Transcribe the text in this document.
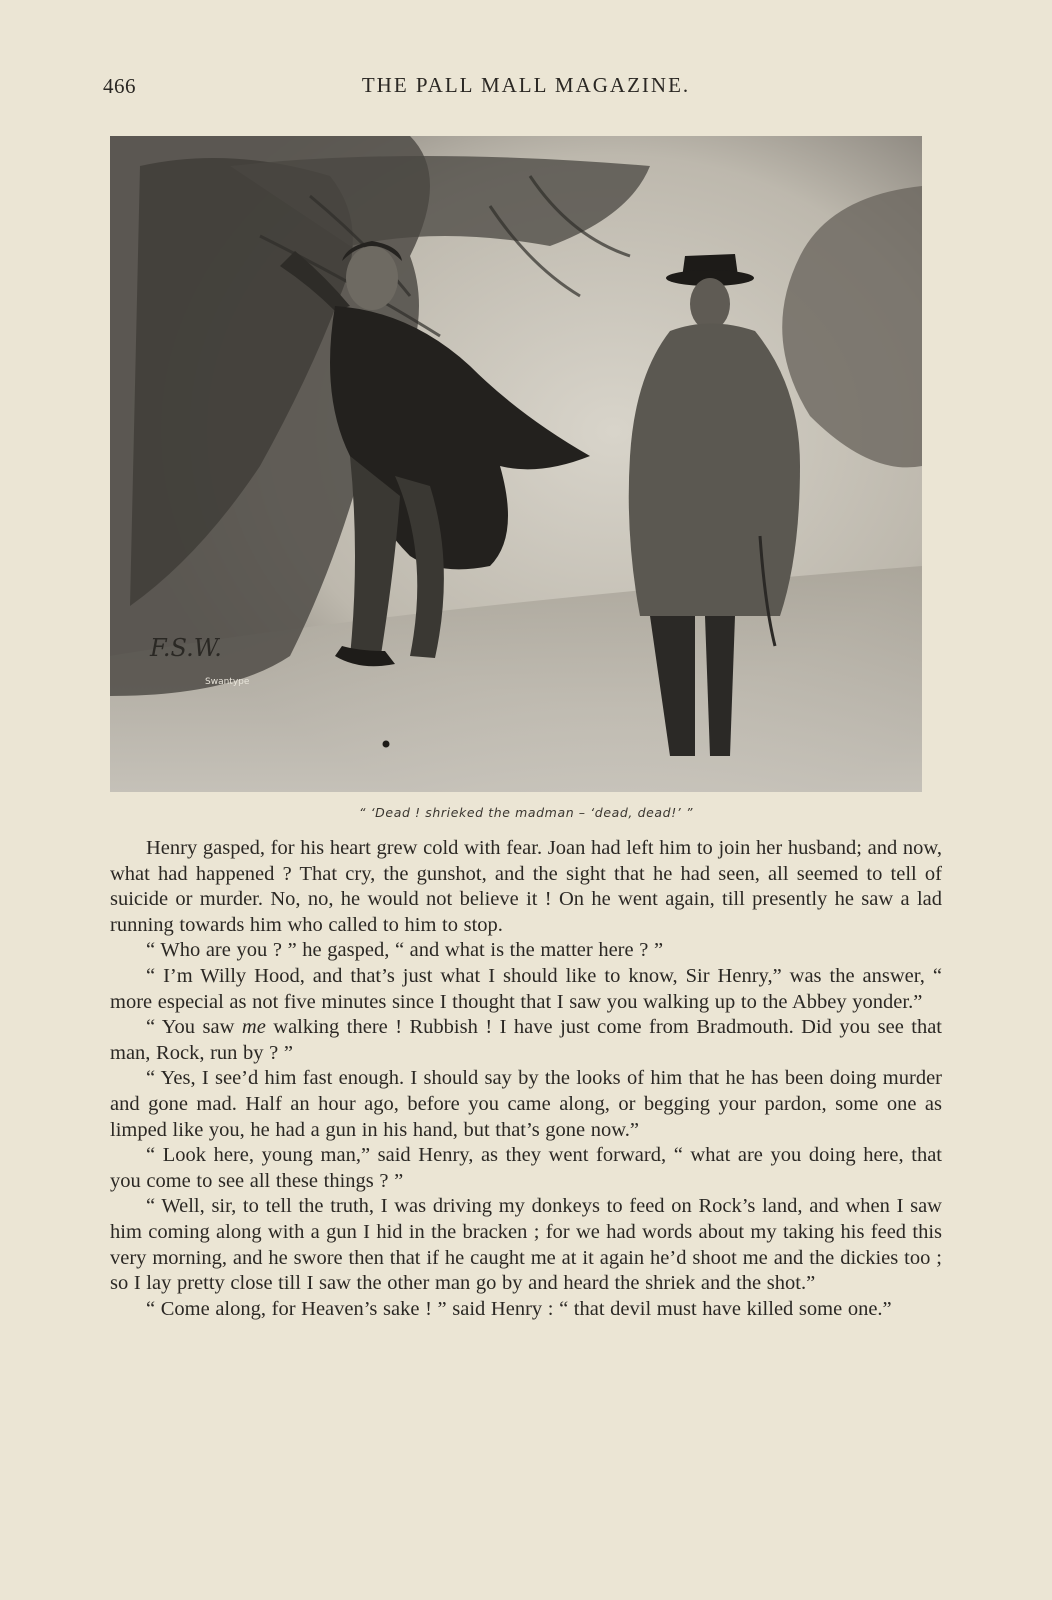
466	THE PALL MALL MAGAZINE.
F.S.W.
Swantype
“ ‘Dead ! shrieked the madman – ‘dead, dead!’ ”

Henry gasped, for his heart grew cold with fear. Joan had left him to join her husband; and now, what had happened ? That cry, the gunshot, and the sight that he had seen, all seemed to tell of suicide or murder. No, no, he would not believe it ! On he went again, till presently he saw a lad running towards him who called to him to stop.

“ Who are you ? ” he gasped, “ and what is the matter here ? ”

“ I’m Willy Hood, and that’s just what I should like to know, Sir Henry,” was the answer, “ more especial as not five minutes since I thought that I saw you walking up to the Abbey yonder.”

“ You saw me walking there ! Rubbish ! I have just come from Bradmouth. Did you see that man, Rock, run by ? ”

“ Yes, I see’d him fast enough. I should say by the looks of him that he has been doing murder and gone mad. Half an hour ago, before you came along, or begging your pardon, some one as limped like you, he had a gun in his hand, but that’s gone now.”

“ Look here, young man,” said Henry, as they went forward, “ what are you doing here, that you come to see all these things ? ”

“ Well, sir, to tell the truth, I was driving my donkeys to feed on Rock’s land, and when I saw him coming along with a gun I hid in the bracken ; for we had words about my taking his feed this very morning, and he swore then that if he caught me at it again he’d shoot me and the dickies too ; so I lay pretty close till I saw the other man go by and heard the shriek and the shot.”

“ Come along, for Heaven’s sake ! ” said Henry : “ that devil must have killed some one.”
